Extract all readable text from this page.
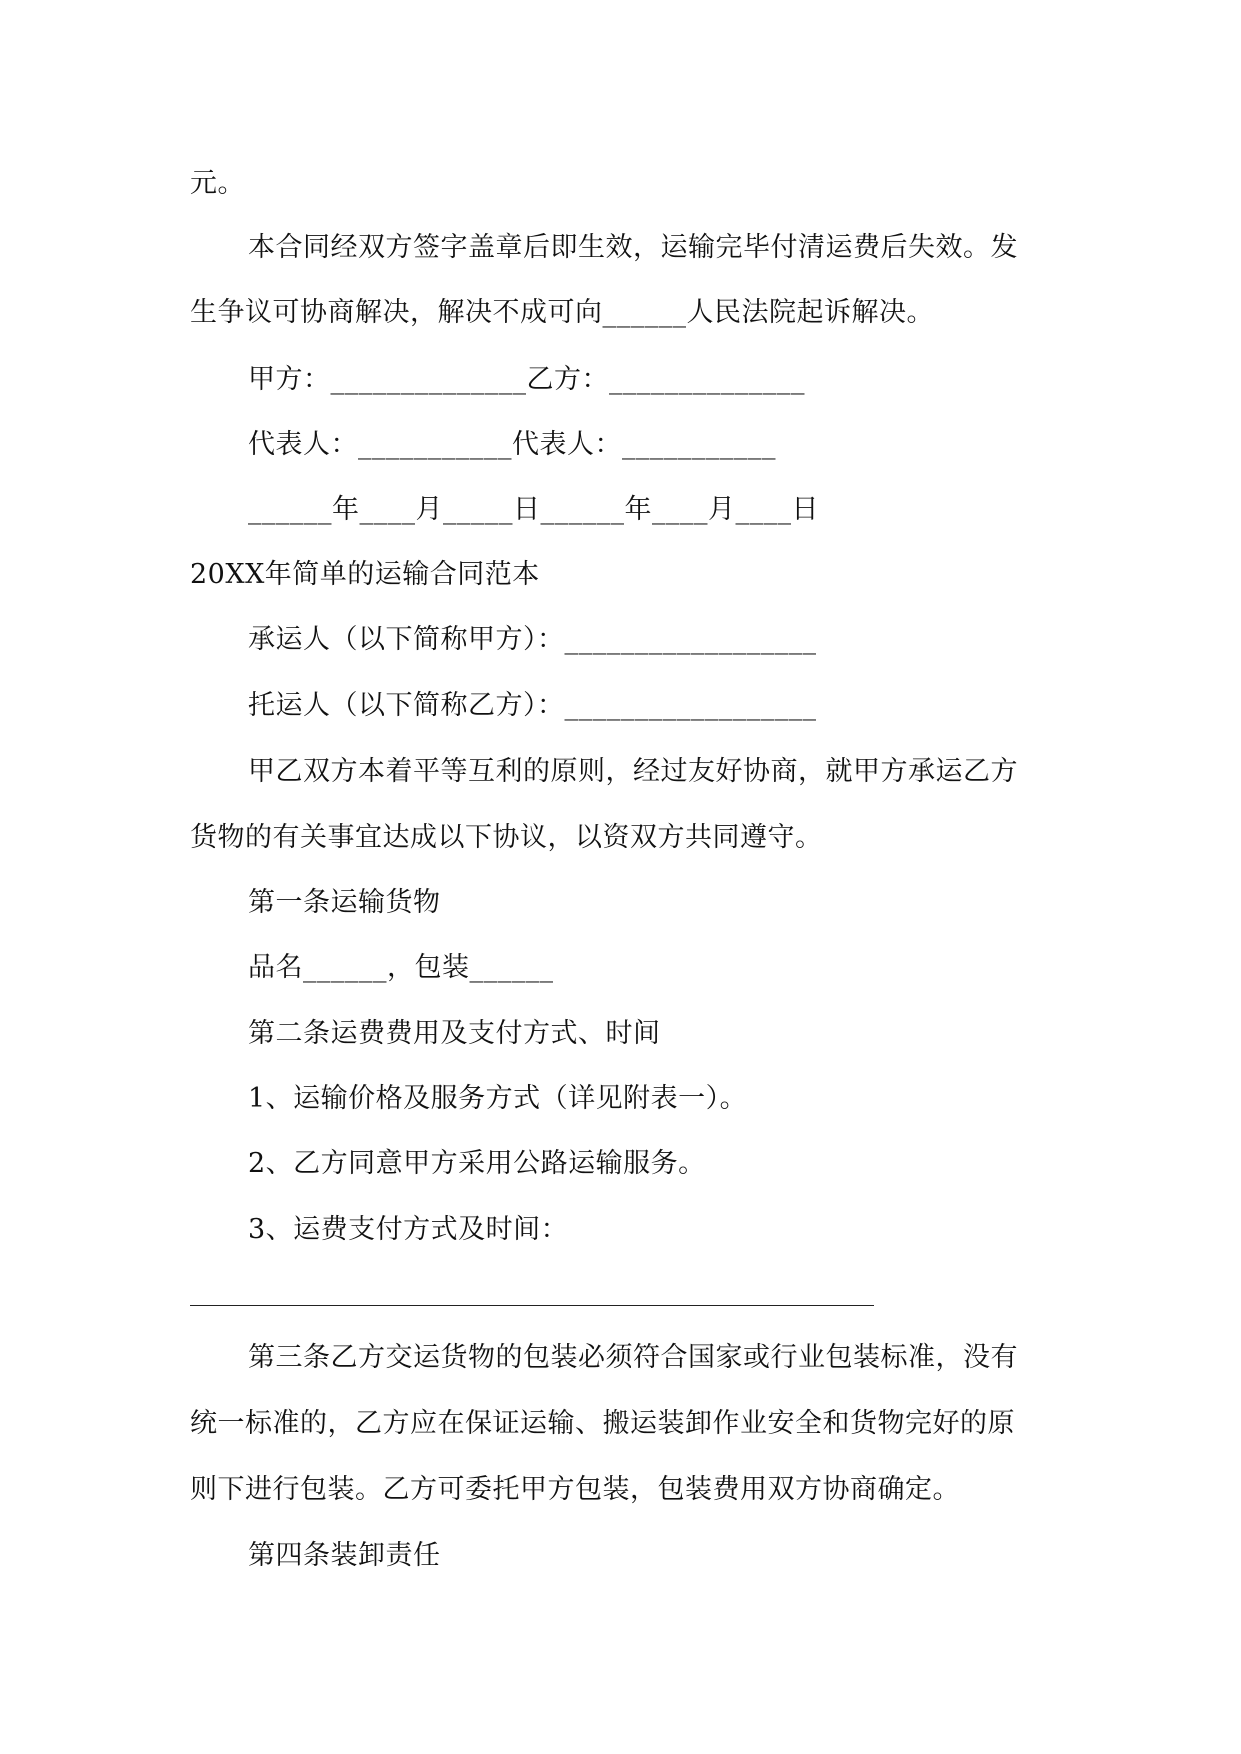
元。
本合同经双方签字盖章后即生效，运输完毕付清运费后失效。发
生争议可协商解决，解决不成可向______人民法院起诉解决。
甲方：______________乙方：______________
代表人：___________代表人：___________
______年____月_____日______年____月____日
20XX年简单的运输合同范本
承运人（以下简称甲方）：__________________
托运人（以下简称乙方）：__________________
甲乙双方本着平等互利的原则，经过友好协商，就甲方承运乙方
货物的有关事宜达成以下协议，以资双方共同遵守。
第一条运输货物
品名______，包装______
第二条运费费用及支付方式、时间
1、运输价格及服务方式（详见附表一）。
2、乙方同意甲方采用公路运输服务。
3、运费支付方式及时间：
第三条乙方交运货物的包装必须符合国家或行业包装标准，没有
统一标准的，乙方应在保证运输、搬运装卸作业安全和货物完好的原
则下进行包装。乙方可委托甲方包装，包装费用双方协商确定。
第四条装卸责任
